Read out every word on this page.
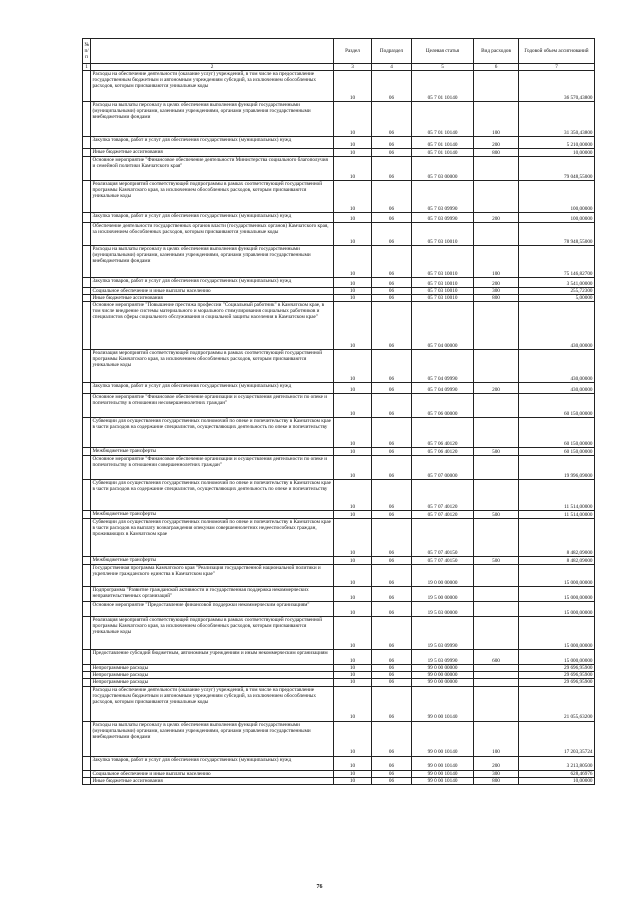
№ п/п		Раздел	Подраздел	Целевая статья	Вид расходов	Годовой объем ассигнований
1	2	3	4	5	6	7
	Расходы на обеспечение деятельности (оказание услуг) учреждений, в том числе на предоставление государственным бюджетным и автономным учреждениям субсидий, за исключением обособленных расходов, которым присваиваются уникальные коды	10	06	05 7 01 10140		36 570,43800
	Расходы на выплаты персоналу в целях обеспечения выполнения функций государственными (муниципальными) органами, казенными учреждениями, органами управления государственными внебюджетными фондами	10	06	05 7 01 10140	100	31 350,43800
	Закупка товаров, работ и услуг для обеспечения государственных (муниципальных) нужд	10	06	05 7 01 10140	200	5 210,00000
	Иные бюджетные ассигнования	10	06	05 7 01 10140	800	10,00000
	Основное мероприятие "Финансовое обеспечение деятельности Министерства социального благополучия и семейной политики Камчатского края"	10	06	05 7 03 00000		79 048,55000
	Реализация мероприятий соответствующей подпрограммы в рамках соответствующей государственной программы Камчатского края, за исключением обособленных расходов, которым присваиваются уникальные коды	10	06	05 7 03 09990		100,00000
	Закупка товаров, работ и услуг для обеспечения государственных (муниципальных) нужд	10	06	05 7 03 09990	200	100,00000
	Обеспечение деятельности государственных органов власти (государственных органов) Камчатского края, за исключением обособленных расходов, которым присваиваются уникальные коды	10	06	05 7 03 10010		78 948,55000
	Расходы на выплаты персоналу в целях обеспечения выполнения функций государственными (муниципальными) органами, казенными учреждениями, органами управления государственными внебюджетными фондами	10	06	05 7 03 10010	100	75 146,82700
	Закупка товаров, работ и услуг для обеспечения государственных (муниципальных) нужд	10	06	05 7 03 10010	200	3 541,00000
	Социальное обеспечение и иные выплаты населению	10	06	05 7 03 10010	300	255,72300
	Иные бюджетные ассигнования	10	06	05 7 03 10010	800	5,00000
	Основное мероприятие "Повышение престижа профессии "Социальный работник" в Камчатском крае, в том числе внедрение системы материального и морального стимулирования социальных работников и специалистов сферы социального обслуживания и социальной защиты населения в Камчатском крае"	10	06	05 7 04 00000		430,00000
	Реализация мероприятий соответствующей подпрограммы в рамках соответствующей государственной программы Камчатского края, за исключением обособленных расходов, которым присваиваются уникальные коды	10	06	05 7 04 09990		430,00000
	Закупка товаров, работ и услуг для обеспечения государственных (муниципальных) нужд	10	06	05 7 04 09990	200	430,00000
	Основное мероприятие "Финансовое обеспечение организации и осуществления деятельности по опеке и попечительству в отношении несовершеннолетних граждан"	10	06	05 7 06 00000		60 150,00000
	Субвенции для осуществления государственных полномочий по опеке и попечительству в Камчатском крае в части расходов на содержание специалистов, осуществляющих деятельность по опеке и попечительству	10	06	05 7 06 40120		60 150,00000
	Межбюджетные трансферты	10	06	05 7 06 40120	500	60 150,00000
	Основное мероприятие "Финансовое обеспечение организации и осуществления деятельности по опеке и попечительству в отношении совершеннолетних граждан"	10	06	05 7 07 00000		19 996,09000
	Субвенции для осуществления государственных полномочий по опеке и попечительству в Камчатском крае в части расходов на содержание специалистов, осуществляющих деятельность по опеке и попечительству	10	06	05 7 07 40120		11 514,00000
	Межбюджетные трансферты	10	06	05 7 07 40120	500	11 514,00000
	Субвенции для осуществления государственных полномочий по опеке и попечительству в Камчатском крае в части расходов на выплату вознаграждения опекунам совершеннолетних недееспособных граждан, проживающих в Камчатском крае	10	06	05 7 07 40150		8 482,09000
	Межбюджетные трансферты	10	06	05 7 07 40150	500	8 482,09000
	Государственная программа Камчатского края "Реализация государственной национальной политики и укрепление гражданского единства в Камчатском крае"	10	06	19 0 00 00000		15 000,00000
	Подпрограмма "Развитие гражданской активности и государственная поддержка некоммерческих неправительственных организаций"	10	06	19 5 00 00000		15 000,00000
	Основное мероприятие "Предоставление финансовой поддержки некоммерческим организациям"	10	06	19 5 03 00000		15 000,00000
	Реализация мероприятий соответствующей подпрограммы в рамках соответствующей государственной программы Камчатского края, за исключением обособленных расходов, которым присваиваются уникальные коды	10	06	19 5 03 09990		15 000,00000
	Предоставление субсидий бюджетным, автономным учреждениям и иным некоммерческим организациям	10	06	19 5 03 09990	600	15 000,00000
	Непрограммные расходы	10	06	99 0 00 00000		29 696,95900
	Непрограммные расходы	10	06	99 0 00 00000		29 696,95900
	Непрограммные расходы	10	06	99 0 00 00000		29 696,95900
	Расходы на обеспечение деятельности (оказание услуг) учреждений, в том числе на предоставление государственным бюджетным и автономным учреждениям субсидий, за исключением обособленных расходов, которым присваиваются уникальные коды	10	06	99 0 00 10140		21 055,63200
	Расходы на выплаты персоналу в целях обеспечения выполнения функций государственными (муниципальными) органами, казенными учреждениями, органами управления государственными внебюджетными фондами	10	06	99 0 00 10140	100	17 203,35724
	Закупка товаров, работ и услуг для обеспечения государственных (муниципальных) нужд	10	06	99 0 00 10140	200	3 213,80500
	Социальное обеспечение и иные выплаты населению	10	06	99 0 00 10140	300	628,46976
	Иные бюджетные ассигнования	10	06	99 0 00 10140	800	10,00000
76
